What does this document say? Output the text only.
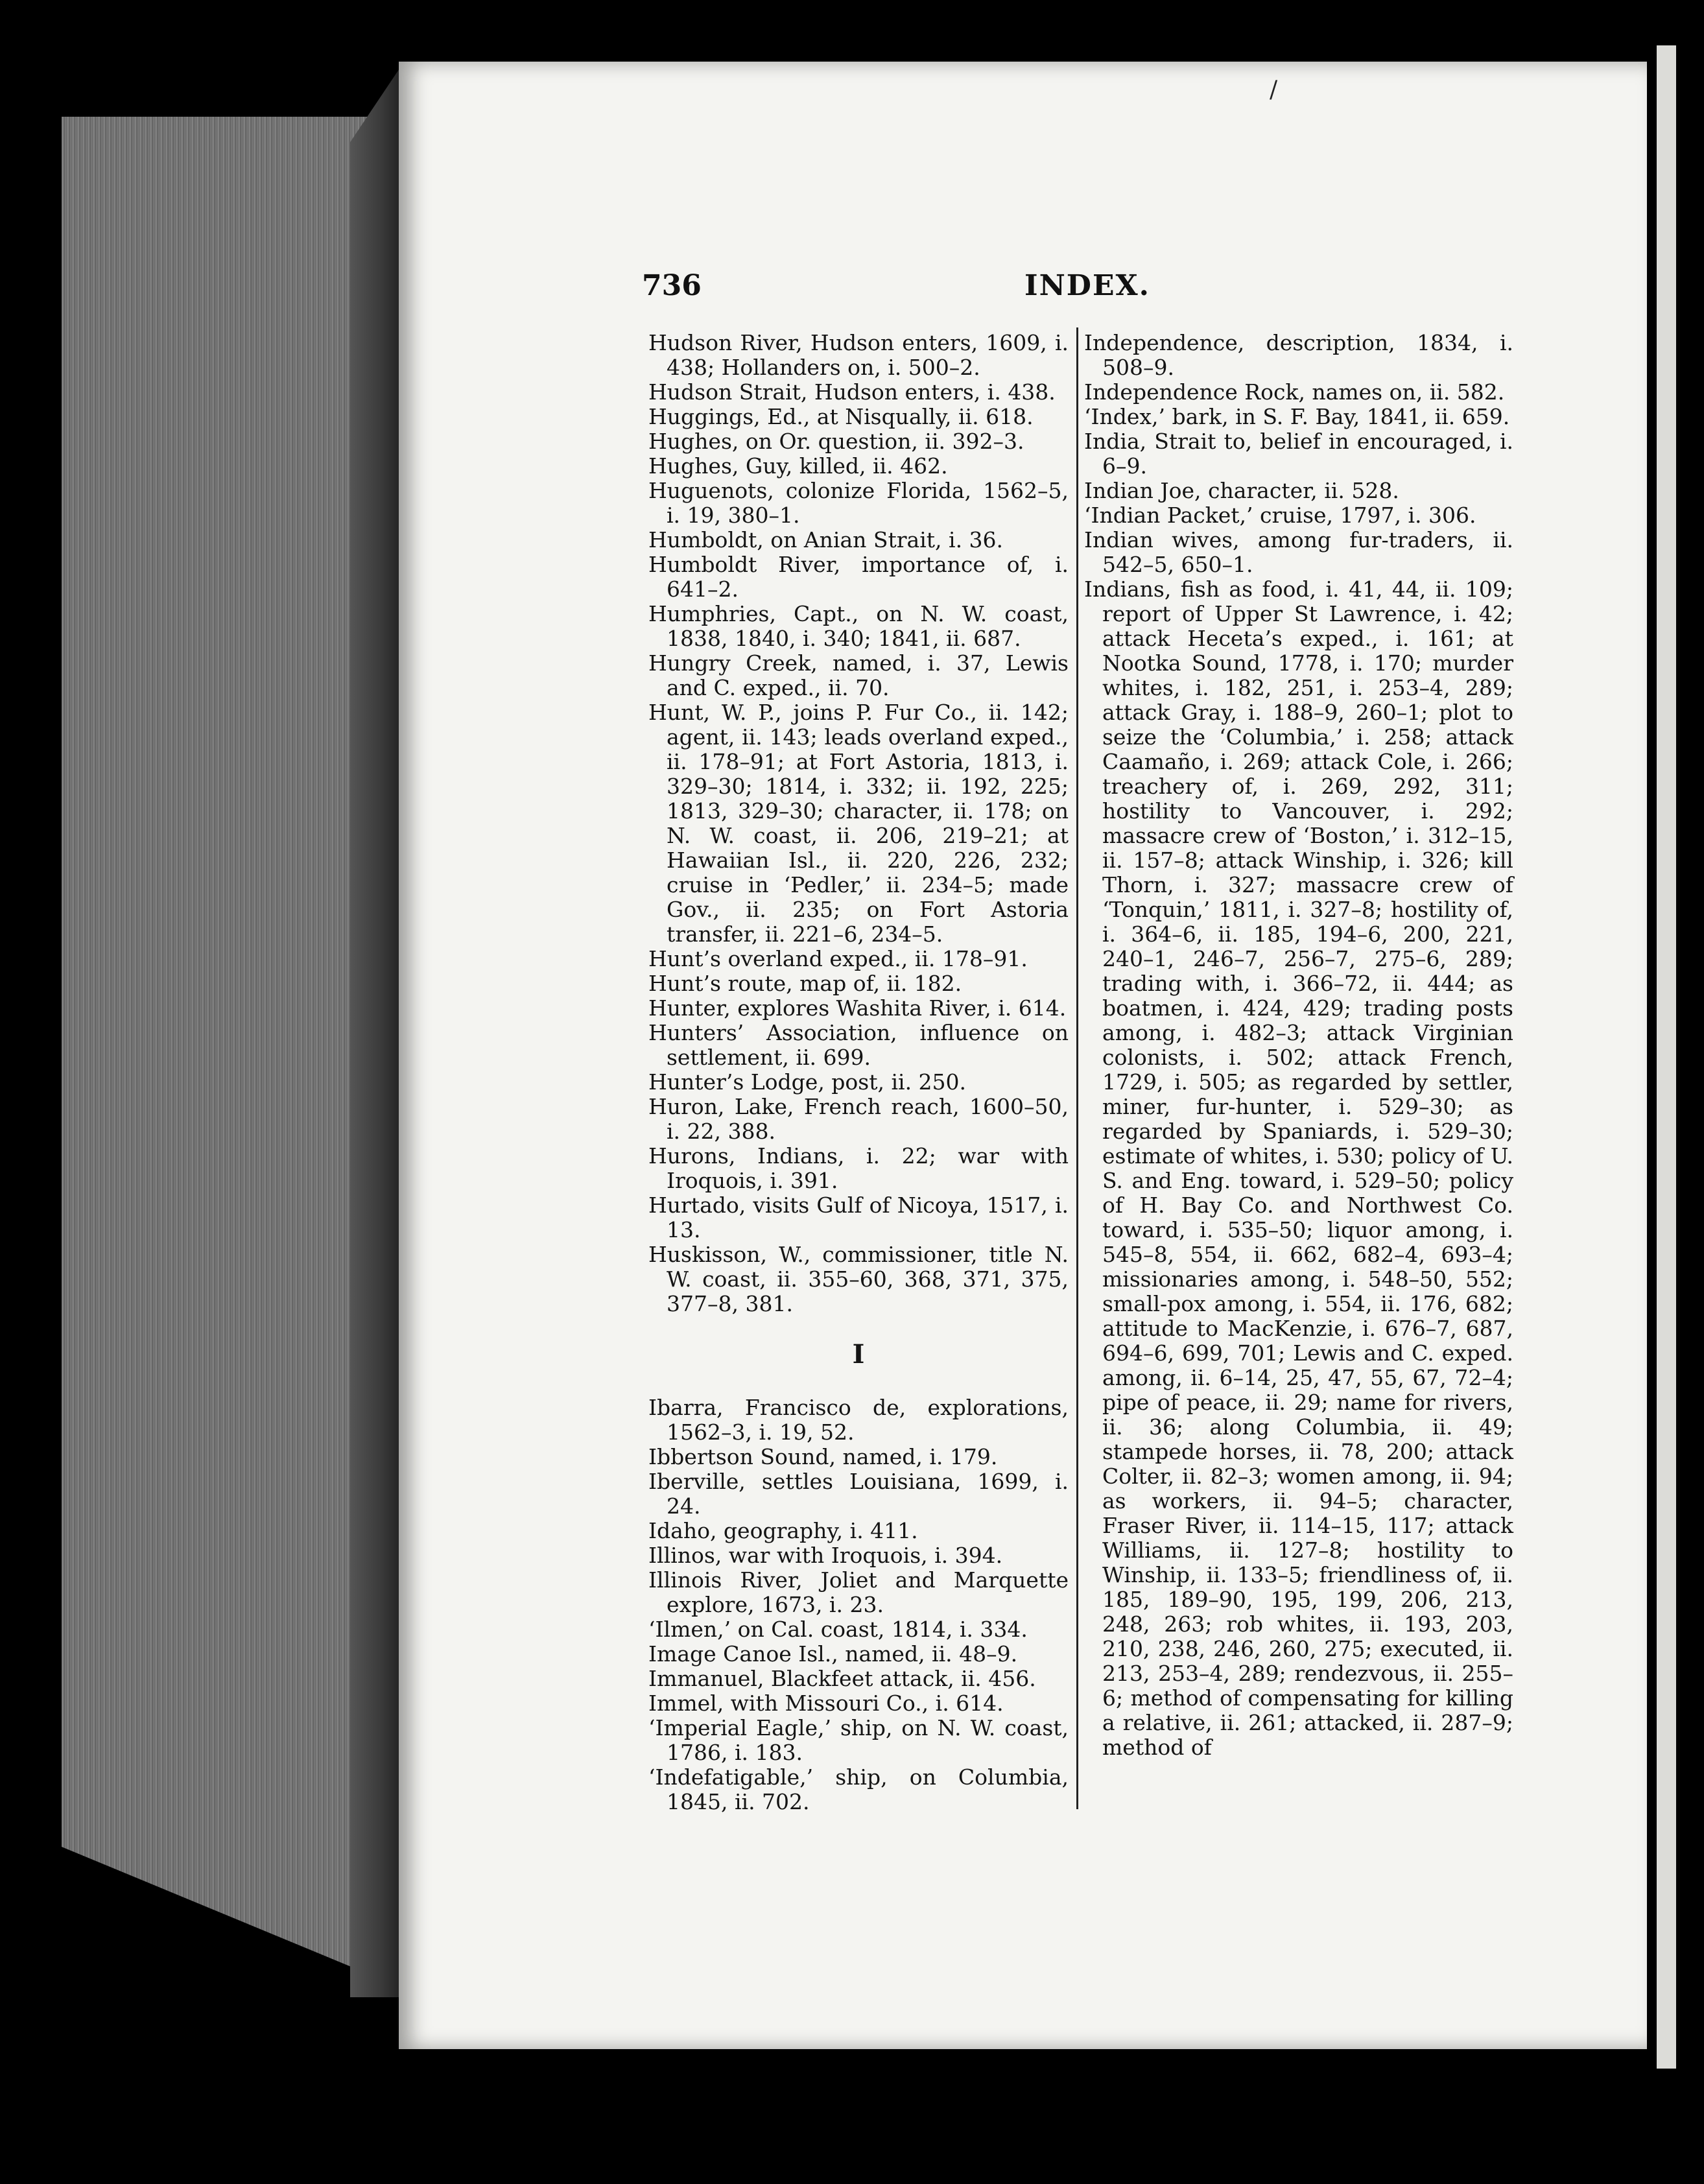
/
736	INDEX.
Hudson River, Hudson enters, 1609, i. 438; Hollanders on, i. 500–2.
Hudson Strait, Hudson enters, i. 438.
Huggings, Ed., at Nisqually, ii. 618.
Hughes, on Or. question, ii. 392–3.
Hughes, Guy, killed, ii. 462.
Huguenots, colonize Florida, 1562–5, i. 19, 380–1.
Humboldt, on Anian Strait, i. 36.
Humboldt River, importance of, i. 641–2.
Humphries, Capt., on N. W. coast, 1838, 1840, i. 340; 1841, ii. 687.
Hungry Creek, named, i. 37, Lewis and C. exped., ii. 70.
Hunt, W. P., joins P. Fur Co., ii. 142; agent, ii. 143; leads overland exped., ii. 178–91; at Fort Astoria, 1813, i. 329–30; 1814, i. 332; ii. 192, 225; 1813, 329–30; character, ii. 178; on N. W. coast, ii. 206, 219–21; at Hawaiian Isl., ii. 220, 226, 232; cruise in ‘Pedler,’ ii. 234–5; made Gov., ii. 235; on Fort Astoria transfer, ii. 221–6, 234–5.
Hunt’s overland exped., ii. 178–91.
Hunt’s route, map of, ii. 182.
Hunter, explores Washita River, i. 614.
Hunters’ Association, influence on settlement, ii. 699.
Hunter’s Lodge, post, ii. 250.
Huron, Lake, French reach, 1600–50, i. 22, 388.
Hurons, Indians, i. 22; war with Iroquois, i. 391.
Hurtado, visits Gulf of Nicoya, 1517, i. 13.
Huskisson, W., commissioner, title N. W. coast, ii. 355–60, 368, 371, 375, 377–8, 381.
I
Ibarra, Francisco de, explorations, 1562–3, i. 19, 52.
Ibbertson Sound, named, i. 179.
Iberville, settles Louisiana, 1699, i. 24.
Idaho, geography, i. 411.
Illinos, war with Iroquois, i. 394.
Illinois River, Joliet and Marquette explore, 1673, i. 23.
‘Ilmen,’ on Cal. coast, 1814, i. 334.
Image Canoe Isl., named, ii. 48–9.
Immanuel, Blackfeet attack, ii. 456.
Immel, with Missouri Co., i. 614.
‘Imperial Eagle,’ ship, on N. W. coast, 1786, i. 183.
‘Indefatigable,’ ship, on Columbia, 1845, ii. 702.
Independence, description, 1834, i. 508–9.
Independence Rock, names on, ii. 582.
‘Index,’ bark, in S. F. Bay, 1841, ii. 659.
India, Strait to, belief in encouraged, i. 6–9.
Indian Joe, character, ii. 528.
‘Indian Packet,’ cruise, 1797, i. 306.
Indian wives, among fur-traders, ii. 542–5, 650–1.
Indians, fish as food, i. 41, 44, ii. 109; report of Upper St Lawrence, i. 42; attack Heceta’s exped., i. 161; at Nootka Sound, 1778, i. 170; murder whites, i. 182, 251, i. 253–4, 289; attack Gray, i. 188–9, 260–1; plot to seize the ‘Columbia,’ i. 258; attack Caamaño, i. 269; attack Cole, i. 266; treachery of, i. 269, 292, 311; hostility to Vancouver, i. 292; massacre crew of ‘Boston,’ i. 312–15, ii. 157–8; attack Winship, i. 326; kill Thorn, i. 327; massacre crew of ‘Tonquin,’ 1811, i. 327–8; hostility of, i. 364–6, ii. 185, 194–6, 200, 221, 240–1, 246–7, 256–7, 275–6, 289; trading with, i. 366–72, ii. 444; as boatmen, i. 424, 429; trading posts among, i. 482–3; attack Virginian colonists, i. 502; attack French, 1729, i. 505; as regarded by settler, miner, fur-hunter, i. 529–30; as regarded by Spaniards, i. 529–30; estimate of whites, i. 530; policy of U. S. and Eng. toward, i. 529–50; policy of H. Bay Co. and Northwest Co. toward, i. 535–50; liquor among, i. 545–8, 554, ii. 662, 682–4, 693–4; missionaries among, i. 548–50, 552; small-pox among, i. 554, ii. 176, 682; attitude to MacKenzie, i. 676–7, 687, 694–6, 699, 701; Lewis and C. exped. among, ii. 6–14, 25, 47, 55, 67, 72–4; pipe of peace, ii. 29; name for rivers, ii. 36; along Columbia, ii. 49; stampede horses, ii. 78, 200; attack Colter, ii. 82–3; women among, ii. 94; as workers, ii. 94–5; character, Fraser River, ii. 114–15, 117; attack Williams, ii. 127–8; hostility to Winship, ii. 133–5; friendliness of, ii. 185, 189–90, 195, 199, 206, 213, 248, 263; rob whites, ii. 193, 203, 210, 238, 246, 260, 275; executed, ii. 213, 253–4, 289; rendezvous, ii. 255–6; method of compensating for killing a relative, ii. 261; attacked, ii. 287–9; method of
